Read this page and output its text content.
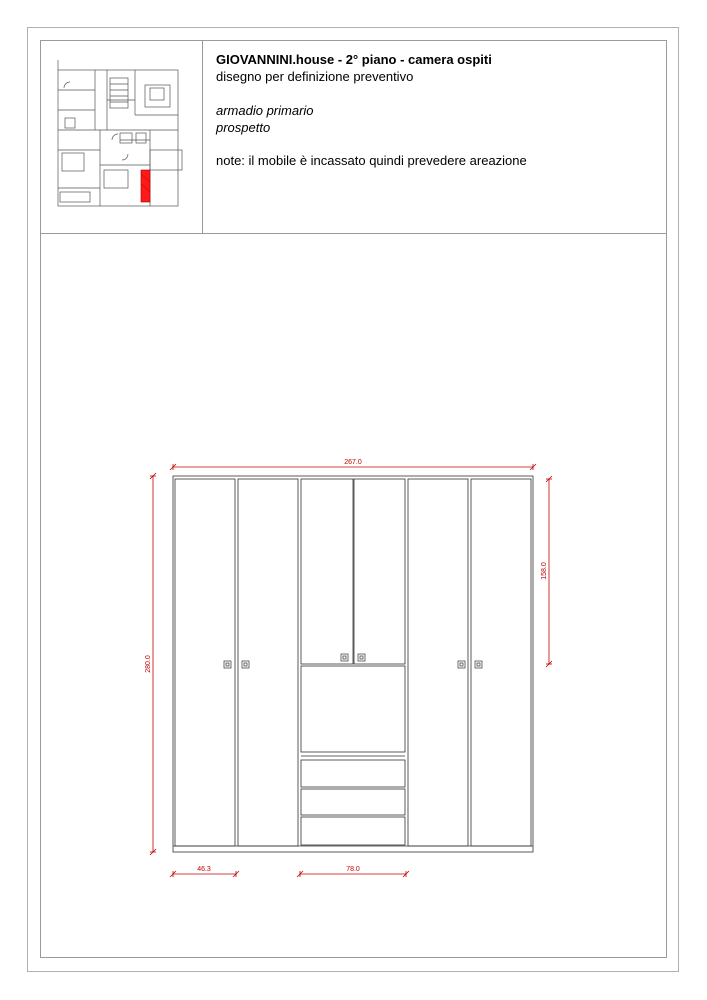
GIOVANNINI.house - 2° piano - camera ospiti
disegno per definizione preventivo
armadio primario
prospetto
note: il mobile è incassato quindi prevedere areazione
267.0
280.0
158.0
46.3	78.0
